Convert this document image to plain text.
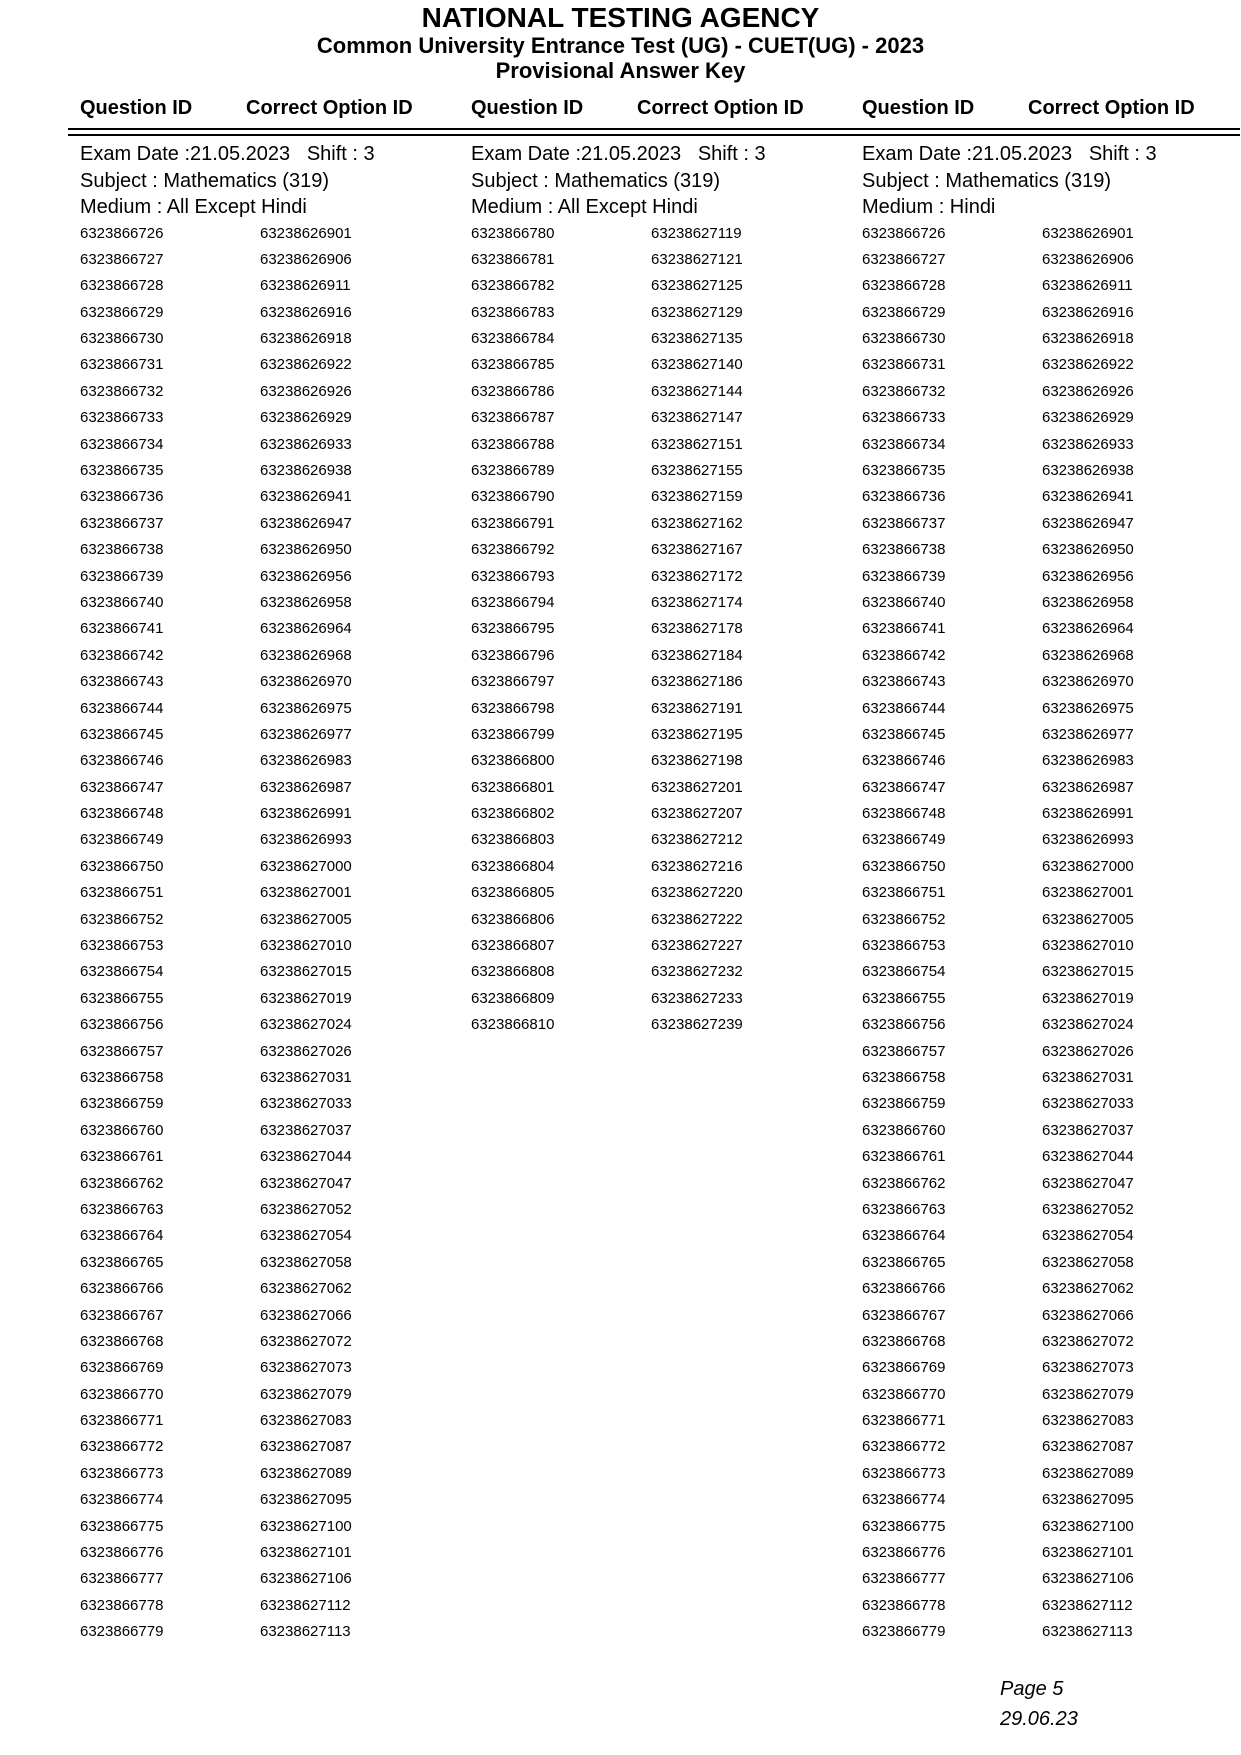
NATIONAL TESTING AGENCY
Common University Entrance Test (UG) - CUET(UG) - 2023
Provisional Answer Key
Question ID	Correct Option ID	Question ID	Correct Option ID	Question ID	Correct Option ID
Exam Date :21.05.2023 Shift : 3
Subject : Mathematics (319)
Medium : All Except Hindi
6323866726	63238626901
6323866727	63238626906
6323866728	63238626911
6323866729	63238626916
6323866730	63238626918
6323866731	63238626922
6323866732	63238626926
6323866733	63238626929
6323866734	63238626933
6323866735	63238626938
6323866736	63238626941
6323866737	63238626947
6323866738	63238626950
6323866739	63238626956
6323866740	63238626958
6323866741	63238626964
6323866742	63238626968
6323866743	63238626970
6323866744	63238626975
6323866745	63238626977
6323866746	63238626983
6323866747	63238626987
6323866748	63238626991
6323866749	63238626993
6323866750	63238627000
6323866751	63238627001
6323866752	63238627005
6323866753	63238627010
6323866754	63238627015
6323866755	63238627019
6323866756	63238627024
6323866757	63238627026
6323866758	63238627031
6323866759	63238627033
6323866760	63238627037
6323866761	63238627044
6323866762	63238627047
6323866763	63238627052
6323866764	63238627054
6323866765	63238627058
6323866766	63238627062
6323866767	63238627066
6323866768	63238627072
6323866769	63238627073
6323866770	63238627079
6323866771	63238627083
6323866772	63238627087
6323866773	63238627089
6323866774	63238627095
6323866775	63238627100
6323866776	63238627101
6323866777	63238627106
6323866778	63238627112
6323866779	63238627113
Exam Date :21.05.2023 Shift : 3
Subject : Mathematics (319)
Medium : All Except Hindi
6323866780	63238627119
6323866781	63238627121
6323866782	63238627125
6323866783	63238627129
6323866784	63238627135
6323866785	63238627140
6323866786	63238627144
6323866787	63238627147
6323866788	63238627151
6323866789	63238627155
6323866790	63238627159
6323866791	63238627162
6323866792	63238627167
6323866793	63238627172
6323866794	63238627174
6323866795	63238627178
6323866796	63238627184
6323866797	63238627186
6323866798	63238627191
6323866799	63238627195
6323866800	63238627198
6323866801	63238627201
6323866802	63238627207
6323866803	63238627212
6323866804	63238627216
6323866805	63238627220
6323866806	63238627222
6323866807	63238627227
6323866808	63238627232
6323866809	63238627233
6323866810	63238627239
Exam Date :21.05.2023 Shift : 3
Subject : Mathematics (319)
Medium : Hindi
6323866726	63238626901
6323866727	63238626906
6323866728	63238626911
6323866729	63238626916
6323866730	63238626918
6323866731	63238626922
6323866732	63238626926
6323866733	63238626929
6323866734	63238626933
6323866735	63238626938
6323866736	63238626941
6323866737	63238626947
6323866738	63238626950
6323866739	63238626956
6323866740	63238626958
6323866741	63238626964
6323866742	63238626968
6323866743	63238626970
6323866744	63238626975
6323866745	63238626977
6323866746	63238626983
6323866747	63238626987
6323866748	63238626991
6323866749	63238626993
6323866750	63238627000
6323866751	63238627001
6323866752	63238627005
6323866753	63238627010
6323866754	63238627015
6323866755	63238627019
6323866756	63238627024
6323866757	63238627026
6323866758	63238627031
6323866759	63238627033
6323866760	63238627037
6323866761	63238627044
6323866762	63238627047
6323866763	63238627052
6323866764	63238627054
6323866765	63238627058
6323866766	63238627062
6323866767	63238627066
6323866768	63238627072
6323866769	63238627073
6323866770	63238627079
6323866771	63238627083
6323866772	63238627087
6323866773	63238627089
6323866774	63238627095
6323866775	63238627100
6323866776	63238627101
6323866777	63238627106
6323866778	63238627112
6323866779	63238627113
Page 5
29.06.23
